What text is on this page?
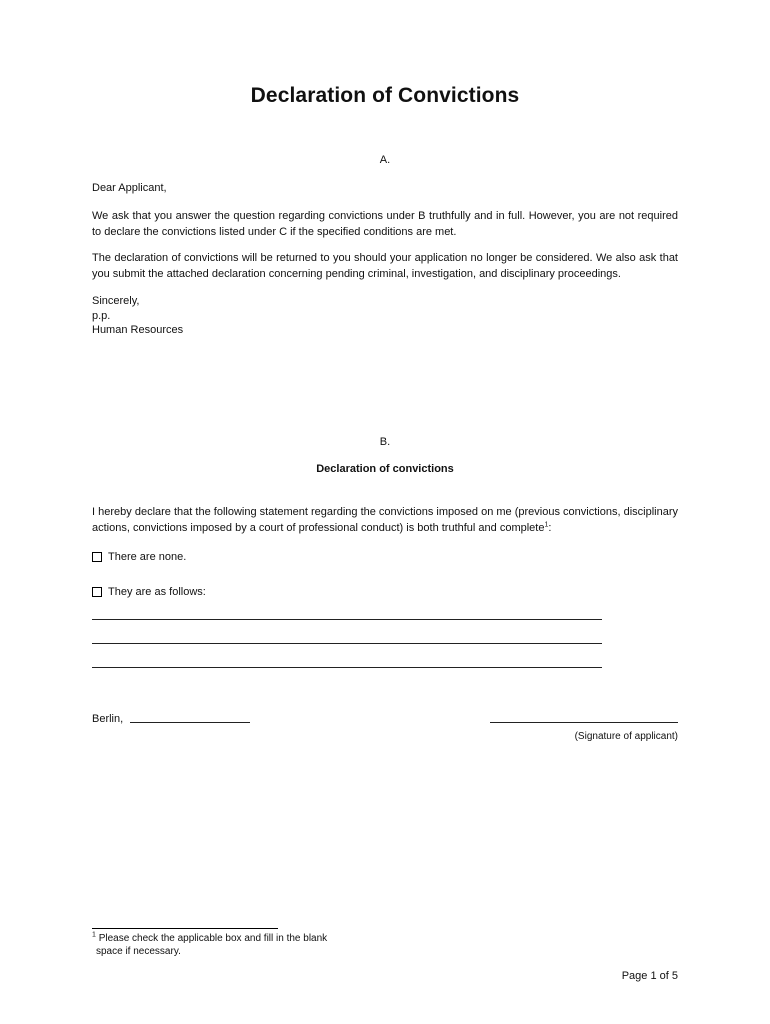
Declaration of Convictions
A.
Dear Applicant,
We ask that you answer the question regarding convictions under B truthfully and in full. However, you are not required to declare the convictions listed under C if the specified conditions are met.
The declaration of convictions will be returned to you should your application no longer be considered. We also ask that you submit the attached declaration concerning pending criminal, investigation, and disciplinary proceedings.
Sincerely,
p.p.
Human Resources
B.
Declaration of convictions
I hereby declare that the following statement regarding the convictions imposed on me (previous convictions, disciplinary actions, convictions imposed by a court of professional conduct) is both truthful and complete$^1$:
There are none.
They are as follows:
Berlin,
(Signature of applicant)
$^1$ Please check the applicable box and fill in the blank
space if necessary.
Page 1 of 5
